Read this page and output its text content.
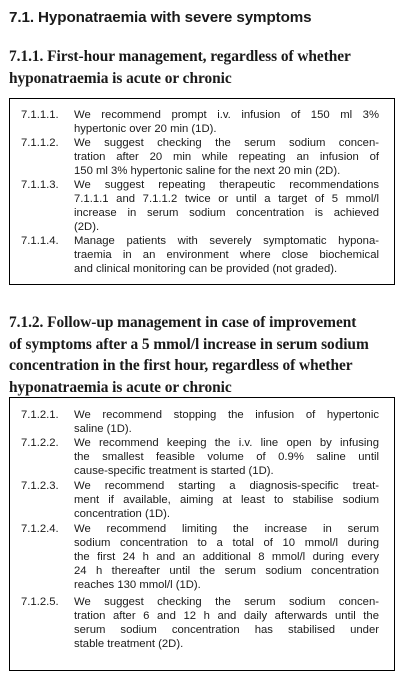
7.1. Hyponatraemia with severe symptoms
7.1.1. First-hour management, regardless of whether
hyponatraemia is acute or chronic
7.1.1.1.	We recommend prompt i.v. infusion of 150 ml 3%
hypertonic over 20 min (1D).
7.1.1.2.	We suggest checking the serum sodium concen-
tration after 20 min while repeating an infusion of
150 ml 3% hypertonic saline for the next 20 min (2D).
7.1.1.3.	We suggest repeating therapeutic recommendations
7.1.1.1 and 7.1.1.2 twice or until a target of 5 mmol/l
increase in serum sodium concentration is achieved
(2D).
7.1.1.4.	Manage patients with severely symptomatic hypona-
traemia in an environment where close biochemical
and clinical monitoring can be provided (not graded).
7.1.2. Follow-up management in case of improvement
of symptoms after a 5 mmol/l increase in serum sodium
concentration in the first hour, regardless of whether
hyponatraemia is acute or chronic
7.1.2.1.	We recommend stopping the infusion of hypertonic
saline (1D).
7.1.2.2.	We recommend keeping the i.v. line open by infusing
the smallest feasible volume of 0.9% saline until
cause-specific treatment is started (1D).
7.1.2.3.	We recommend starting a diagnosis-specific treat-
ment if available, aiming at least to stabilise sodium
concentration (1D).
7.1.2.4.	We recommend limiting the increase in serum
sodium concentration to a total of 10 mmol/l during
the first 24 h and an additional 8 mmol/l during every
24 h thereafter until the serum sodium concentration
reaches 130 mmol/l (1D).
7.1.2.5.	We suggest checking the serum sodium concen-
tration after 6 and 12 h and daily afterwards until the
serum sodium concentration has stabilised under
stable treatment (2D).
